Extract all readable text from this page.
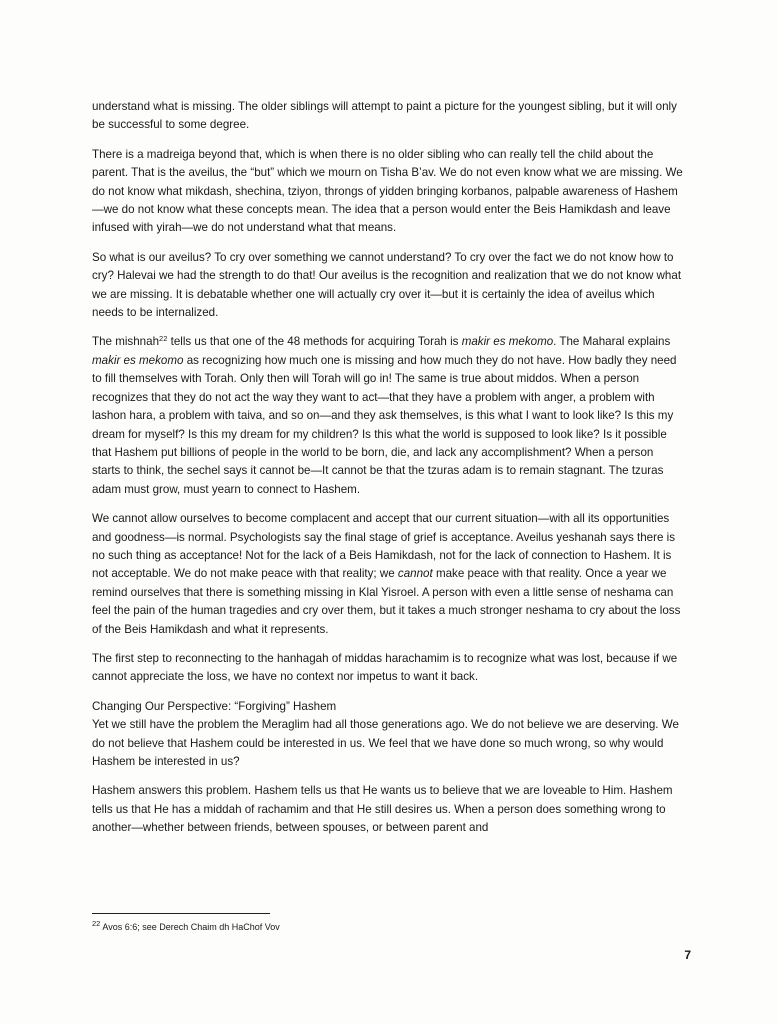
understand what is missing. The older siblings will attempt to paint a picture for the youngest sibling, but it will only be successful to some degree.

There is a madreiga beyond that, which is when there is no older sibling who can really tell the child about the parent. That is the aveilus, the “but” which we mourn on Tisha B’av. We do not even know what we are missing. We do not know what mikdash, shechina, tziyon, throngs of yidden bringing korbanos, palpable awareness of Hashem—we do not know what these concepts mean. The idea that a person would enter the Beis Hamikdash and leave infused with yirah—we do not understand what that means.

So what is our aveilus? To cry over something we cannot understand? To cry over the fact we do not know how to cry? Halevai we had the strength to do that! Our aveilus is the recognition and realization that we do not know what we are missing. It is debatable whether one will actually cry over it—but it is certainly the idea of aveilus which needs to be internalized.

The mishnah$^{22}$ tells us that one of the 48 methods for acquiring Torah is makir es mekomo. The Maharal explains makir es mekomo as recognizing how much one is missing and how much they do not have. How badly they need to fill themselves with Torah. Only then will Torah will go in! The same is true about middos. When a person recognizes that they do not act the way they want to act—that they have a problem with anger, a problem with lashon hara, a problem with taiva, and so on—and they ask themselves, is this what I want to look like? Is this my dream for myself? Is this my dream for my children? Is this what the world is supposed to look like? Is it possible that Hashem put billions of people in the world to be born, die, and lack any accomplishment? When a person starts to think, the sechel says it cannot be—It cannot be that the tzuras adam is to remain stagnant. The tzuras adam must grow, must yearn to connect to Hashem.

We cannot allow ourselves to become complacent and accept that our current situation—with all its opportunities and goodness—is normal. Psychologists say the final stage of grief is acceptance. Aveilus yeshanah says there is no such thing as acceptance! Not for the lack of a Beis Hamikdash, not for the lack of connection to Hashem. It is not acceptable. We do not make peace with that reality; we cannot make peace with that reality. Once a year we remind ourselves that there is something missing in Klal Yisroel. A person with even a little sense of neshama can feel the pain of the human tragedies and cry over them, but it takes a much stronger neshama to cry about the loss of the Beis Hamikdash and what it represents.

The first step to reconnecting to the hanhagah of middas harachamim is to recognize what was lost, because if we cannot appreciate the loss, we have no context nor impetus to want it back.

Changing Our Perspective: “Forgiving” Hashem

Yet we still have the problem the Meraglim had all those generations ago. We do not believe we are deserving. We do not believe that Hashem could be interested in us. We feel that we have done so much wrong, so why would Hashem be interested in us?

Hashem answers this problem. Hashem tells us that He wants us to believe that we are loveable to Him. Hashem tells us that He has a middah of rachamim and that He still desires us. When a person does something wrong to another—whether between friends, between spouses, or between parent and

$^{22}$ Avos 6:6; see Derech Chaim dh HaChof Vov
7
